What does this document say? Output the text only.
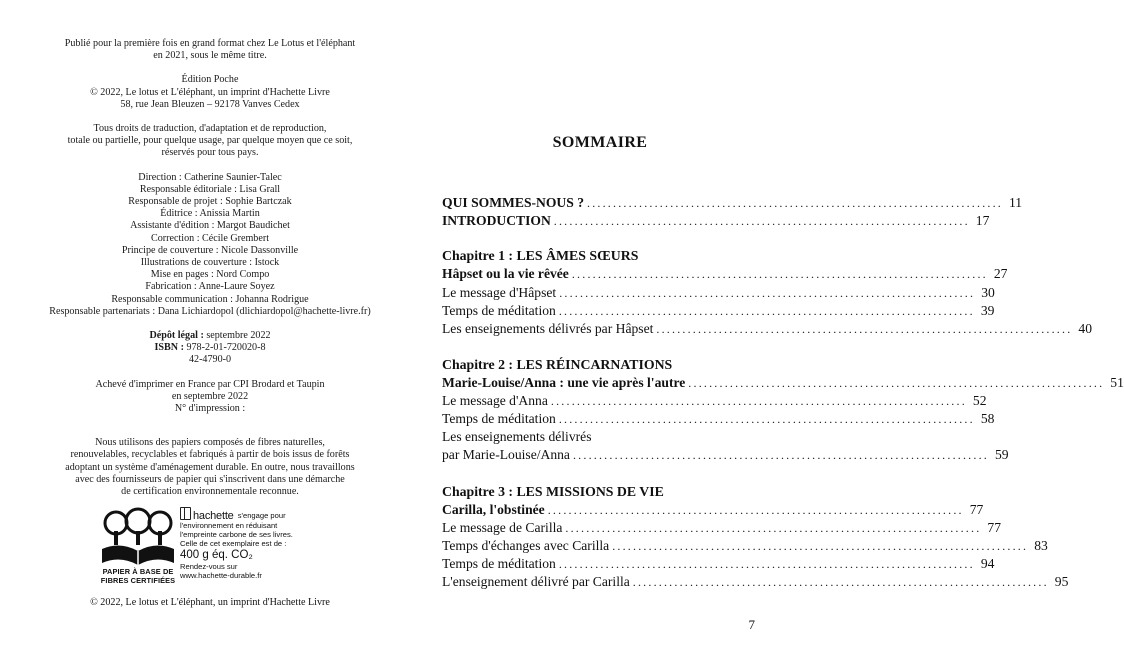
Publié pour la première fois en grand format chez Le Lotus et l'éléphant
en 2021, sous le même titre.
Édition Poche
© 2022, Le lotus et L'éléphant, un imprint d'Hachette Livre
58, rue Jean Bleuzen – 92178 Vanves Cedex
Tous droits de traduction, d'adaptation et de reproduction,
totale ou partielle, pour quelque usage, par quelque moyen que ce soit,
réservés pour tous pays.
Direction : Catherine Saunier-Talec
Responsable éditoriale : Lisa Grall
Responsable de projet : Sophie Bartczak
Éditrice : Anissia Martin
Assistante d'édition : Margot Baudichet
Correction : Cécile Grembert
Principe de couverture : Nicole Dassonville
Illustrations de couverture : Istock
Mise en pages : Nord Compo
Fabrication : Anne-Laure Soyez
Responsable communication : Johanna Rodrigue
Responsable partenariats : Dana Lichiardopol (dlichiardopol@hachette-livre.fr)
Dépôt légal : septembre 2022
ISBN : 978-2-01-720020-8
42-4790-0
Achevé d'imprimer en France par CPI Brodard et Taupin
en septembre 2022
N° d'impression :
Nous utilisons des papiers composés de fibres naturelles,
renouvelables, recyclables et fabriqués à partir de bois issus de forêts
adoptant un système d'aménagement durable. En outre, nous travaillons
avec des fournisseurs de papier qui s'inscrivent dans une démarche
de certification environnementale reconnue.
PAPIER À BASE DE
FIBRES CERTIFIÉES
hachette s'engage pour
l'environnement en réduisant
l'empreinte carbone de ses livres.
Celle de cet exemplaire est de :
400 g éq. CO₂
Rendez-vous sur
www.hachette-durable.fr
© 2022, Le lotus et L'éléphant, un imprint d'Hachette Livre
SOMMAIRE
QUI SOMMES-NOUS ? ................................................................................ 11
INTRODUCTION ................................................................................ 17
Chapitre 1 : LES ÂMES SŒURS
Hâpset ou la vie rêvée ................................................................................ 27
Le message d'Hâpset ................................................................................ 30
Temps de méditation ................................................................................ 39
Les enseignements délivrés par Hâpset ................................................................................ 40
Chapitre 2 : LES RÉINCARNATIONS
Marie-Louise/Anna : une vie après l'autre ................................................................................ 51
Le message d'Anna ................................................................................ 52
Temps de méditation ................................................................................ 58
Les enseignements délivrés
par Marie-Louise/Anna ................................................................................ 59
Chapitre 3 : LES MISSIONS DE VIE
Carilla, l'obstinée ................................................................................ 77
Le message de Carilla ................................................................................ 77
Temps d'échanges avec Carilla ................................................................................ 83
Temps de méditation ................................................................................ 94
L'enseignement délivré par Carilla ................................................................................ 95
7
